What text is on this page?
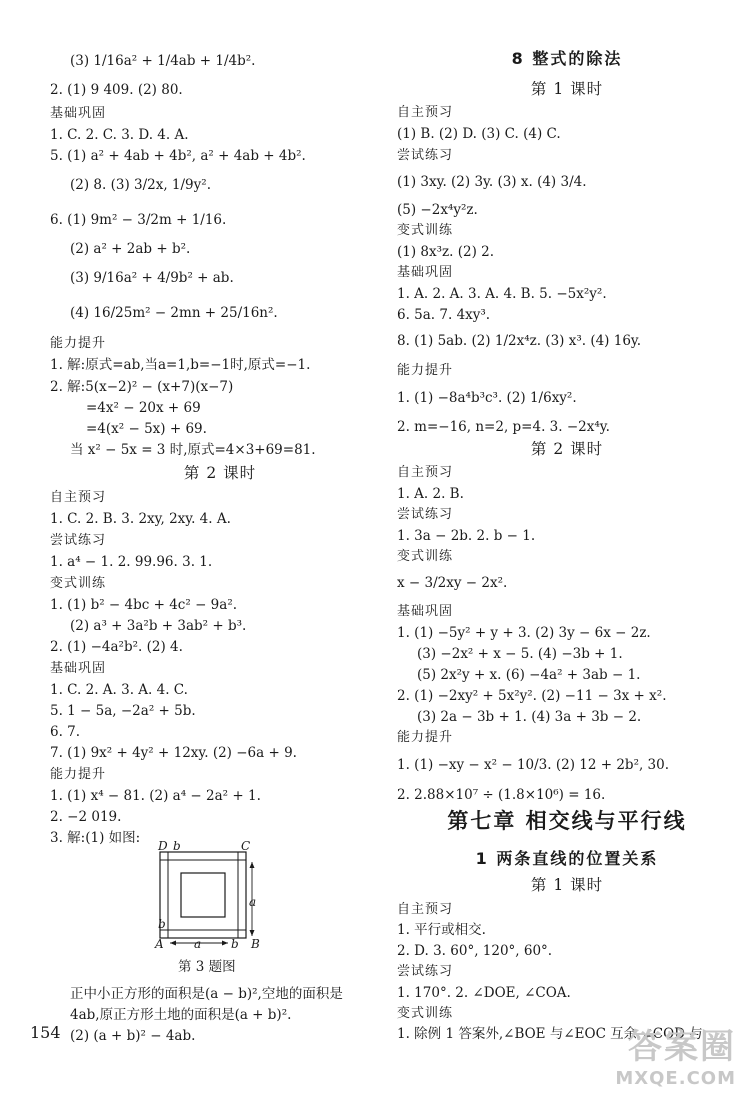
(3) 1/16a² + 1/4ab + 1/4b².
2. (1) 9 409. (2) 80.
基础巩固
1. C. 2. C. 3. D. 4. A.
5. (1) a² + 4ab + 4b², a² + 4ab + 4b².
(2) 8. (3) 3/2x, 1/9y².
6. (1) 9m² − 3/2m + 1/16.
(2) a² + 2ab + b².
(3) 9/16a² + 4/9b² + ab.
(4) 16/25m² − 2mn + 25/16n².
能力提升
1. 解:原式=ab,当a=1,b=−1时,原式=−1.
2. 解:5(x−2)² − (x+7)(x−7)
=4x² − 20x + 69
=4(x² − 5x) + 69.
当 x² − 5x = 3 时,原式=4×3+69=81.
第 2 课时
自主预习
1. C. 2. B. 3. 2xy, 2xy. 4. A.
尝试练习
1. a⁴ − 1. 2. 99.96. 3. 1.
变式训练
1. (1) b² − 4bc + 4c² − 9a².
(2) a³ + 3a²b + 3ab² + b³.
2. (1) −4a²b². (2) 4.
基础巩固
1. C. 2. A. 3. A. 4. C.
5. 1 − 5a, −2a² + 5b.
6. 7.
7. (1) 9x² + 4y² + 12xy. (2) −6a + 9.
能力提升
1. (1) x⁴ − 81. (2) a⁴ − 2a² + 1.
2. −2 019.
3. 解:(1) 如图:
第 3 题图
正中小正方形的面积是(a − b)²,空地的面积是
4ab,原正方形土地的面积是(a + b)².
(2) (a + b)² − 4ab.
8 整式的除法
第 1 课时
自主预习
(1) B. (2) D. (3) C. (4) C.
尝试练习
(1) 3xy. (2) 3y. (3) x. (4) 3/4.
(5) −2x⁴y²z.
变式训练
(1) 8x³z. (2) 2.
基础巩固
1. A. 2. A. 3. A. 4. B. 5. −5x²y².
6. 5a. 7. 4xy³.
8. (1) 5ab. (2) 1/2x⁴z. (3) x³. (4) 16y.
能力提升
1. (1) −8a⁴b³c³. (2) 1/6xy².
2. m=−16, n=2, p=4. 3. −2x⁴y.
第 2 课时
自主预习
1. A. 2. B.
尝试练习
1. 3a − 2b. 2. b − 1.
变式训练
x − 3/2xy − 2x².
基础巩固
1. (1) −5y² + y + 3. (2) 3y − 6x − 2z.
(3) −2x² + x − 5. (4) −3b + 1.
(5) 2x²y + x. (6) −4a² + 3ab − 1.
2. (1) −2xy² + 5x²y². (2) −11 − 3x + x².
(3) 2a − 3b + 1. (4) 3a + 3b − 2.
能力提升
1. (1) −xy − x² − 10/3. (2) 12 + 2b², 30.
2. 2.88×10⁷ ÷ (1.8×10⁶) = 16.
第七章 相交线与平行线
1 两条直线的位置关系
第 1 课时
自主预习
1. 平行或相交.
2. D. 3. 60°, 120°, 60°.
尝试练习
1. 170°. 2. ∠DOE, ∠COA.
变式训练
1. 除例 1 答案外,∠BOE 与∠EOC 互余,∠COD 与
D b	C
a
b
A	a b B
154	答案圈
MXQE.COM
